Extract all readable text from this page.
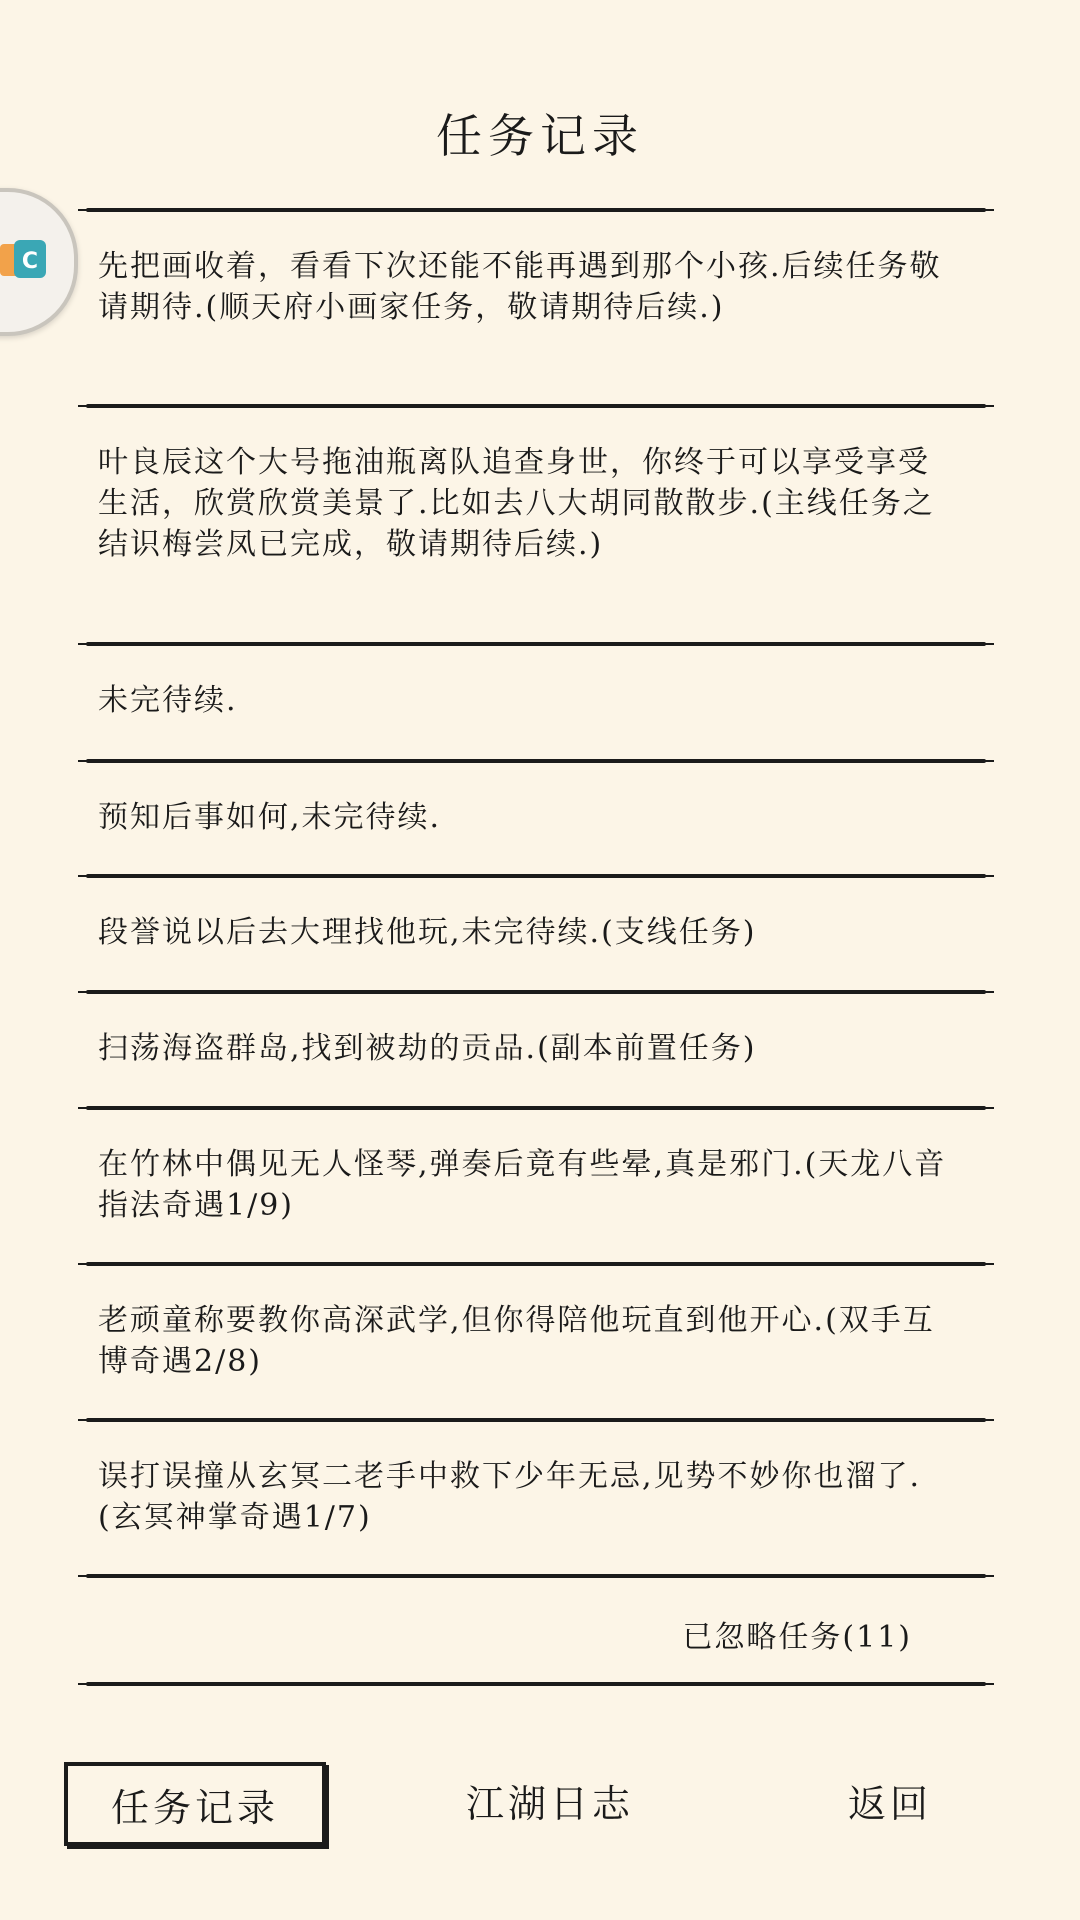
任务记录
C 先把画收着，看看下次还能不能再遇到那个小孩.后续任务敬请期待.(顺天府小画家任务，敬请期待后续.)
叶良辰这个大号拖油瓶离队追查身世，你终于可以享受享受生活，欣赏欣赏美景了.比如去八大胡同散散步.(主线任务之结识梅尝凤已完成，敬请期待后续.)
未完待续.
预知后事如何,未完待续.
段誉说以后去大理找他玩,未完待续.(支线任务)
扫荡海盗群岛,找到被劫的贡品.(副本前置任务)
在竹林中偶见无人怪琴,弹奏后竟有些晕,真是邪门.(天龙八音指法奇遇1/9)
老顽童称要教你高深武学,但你得陪他玩直到他开心.(双手互博奇遇2/8)
误打误撞从玄冥二老手中救下少年无忌,见势不妙你也溜了.(玄冥神掌奇遇1/7)
已忽略任务(11)
任务记录	江湖日志	返回
